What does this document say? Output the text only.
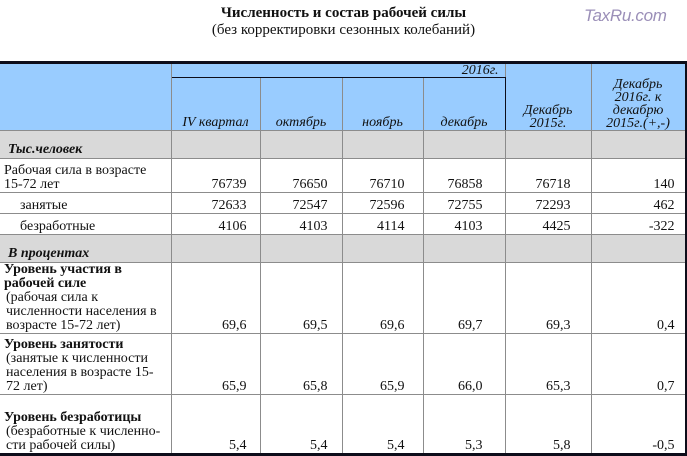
Численность и состав рабочей силы
(без корректировки сезонных колебаний)
TaxRu.com
	2016г.				Декабрь 2015г.	Декабрь 2016г. к декабрю 2015г.(+,-)
	IV квартал	октябрь	ноябрь	декабрь		
Тыс.человек						
Рабочая сила в возрасте 15-72 лет	76739	76650	76710	76858	76718	140
занятые	72633	72547	72596	72755	72293	462
безработные	4106	4103	4114	4103	4425	-322
В процентах						
Уровень участия в рабочей силе
(рабочая сила к численности населения в возрасте 15-72 лет)	69,6	69,5	69,6	69,7	69,3	0,4
Уровень занятости
(занятые к численности населения в возрасте 15-72 лет)	65,9	65,8	65,9	66,0	65,3	0,7
Уровень безработицы
(безработные к численно-сти рабочей силы)	5,4	5,4	5,4	5,3	5,8	-0,5
